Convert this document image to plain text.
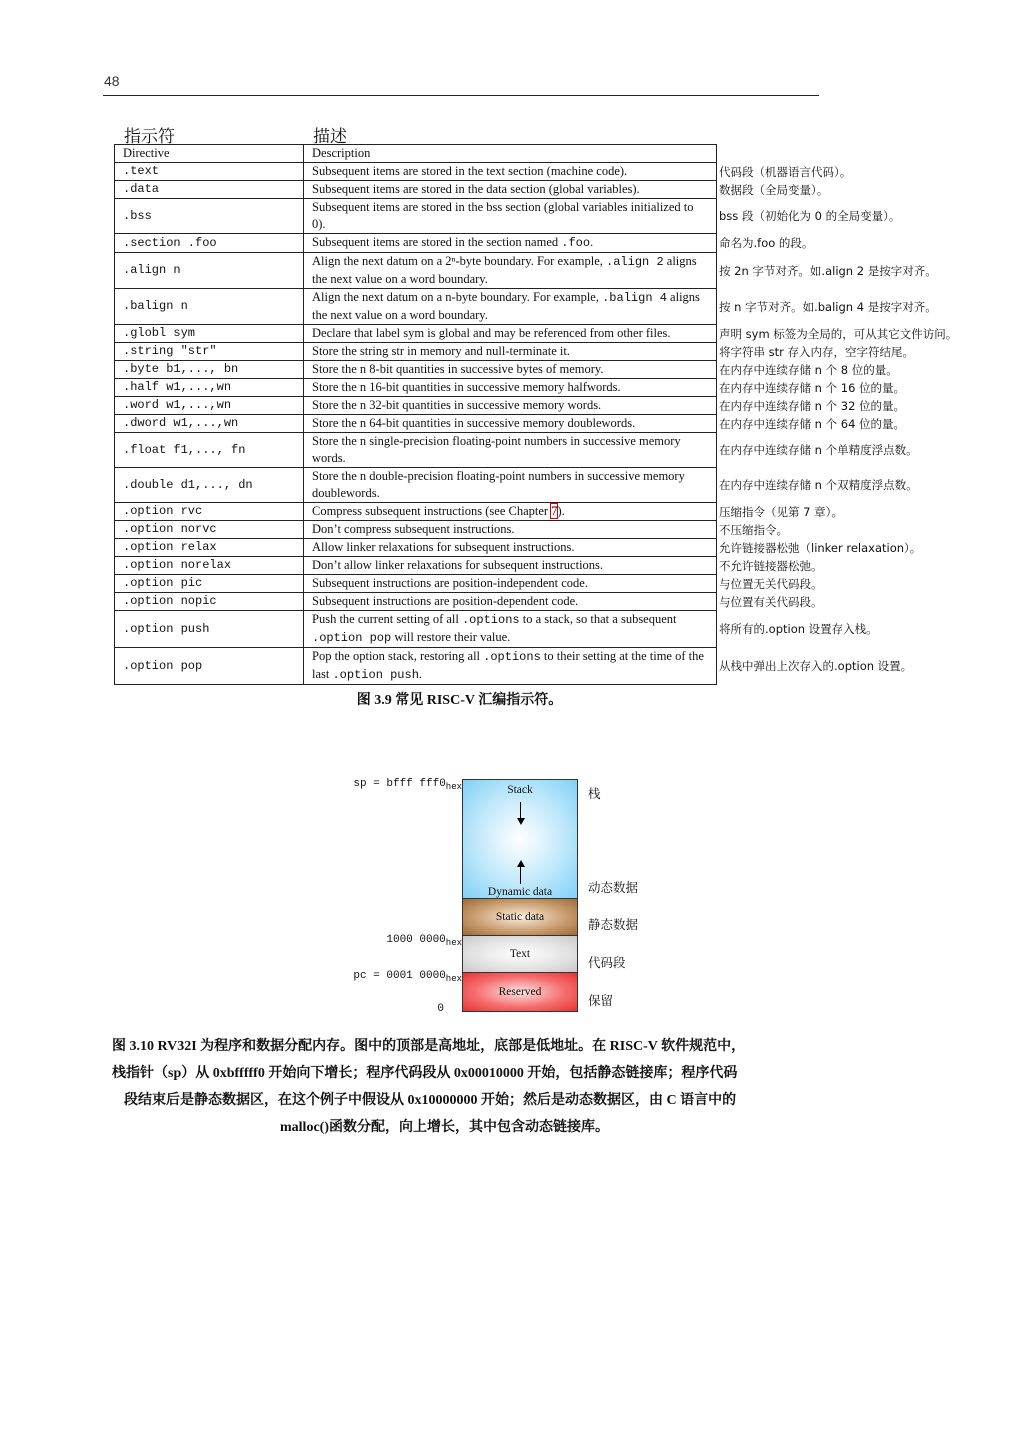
48
指示符	描述
Directive	Description	
.text	Subsequent items are stored in the text section (machine code).	代码段（机器语言代码）。
.data	Subsequent items are stored in the data section (global variables).	数据段（全局变量）。
.bss	Subsequent items are stored in the bss section (global variables initialized to 0).	bss 段（初始化为 0 的全局变量）。
.section .foo	Subsequent items are stored in the section named .foo.	命名为.foo 的段。
.align n	Align the next datum on a 2ⁿ-byte boundary. For example, .align 2 aligns the next value on a word boundary.	按 2n 字节对齐。如.align 2 是按字对齐。
.balign n	Align the next datum on a n-byte boundary. For example, .balign 4 aligns the next value on a word boundary.	按 n 字节对齐。如.balign 4 是按字对齐。
.globl sym	Declare that label sym is global and may be referenced from other files.	声明 sym 标签为全局的，可从其它文件访问。
.string "str"	Store the string str in memory and null-terminate it.	将字符串 str 存入内存，空字符结尾。
.byte b1,..., bn	Store the n 8-bit quantities in successive bytes of memory.	在内存中连续存储 n 个 8 位的量。
.half w1,...,wn	Store the n 16-bit quantities in successive memory halfwords.	在内存中连续存储 n 个 16 位的量。
.word w1,...,wn	Store the n 32-bit quantities in successive memory words.	在内存中连续存储 n 个 32 位的量。
.dword w1,...,wn	Store the n 64-bit quantities in successive memory doublewords.	在内存中连续存储 n 个 64 位的量。
.float f1,..., fn	Store the n single-precision floating-point numbers in successive memory words.	在内存中连续存储 n 个单精度浮点数。
.double d1,..., dn	Store the n double-precision floating-point numbers in successive memory doublewords.	在内存中连续存储 n 个双精度浮点数。
.option rvc	Compress subsequent instructions (see Chapter 7).	压缩指令（见第 7 章）。
.option norvc	Don’t compress subsequent instructions.	不压缩指令。
.option relax	Allow linker relaxations for subsequent instructions.	允许链接器松弛（linker relaxation）。
.option norelax	Don’t allow linker relaxations for subsequent instructions.	不允许链接器松弛。
.option pic	Subsequent instructions are position-independent code.	与位置无关代码段。
.option nopic	Subsequent instructions are position-dependent code.	与位置有关代码段。
.option push	Push the current setting of all .options to a stack, so that a subsequent .option pop will restore their value.	将所有的.option 设置存入栈。
.option pop	Pop the option stack, restoring all .options to their setting at the time of the last .option push.	从栈中弹出上次存入的.option 设置。
图 3.9 常见 RISC-V 汇编指示符。
sp = bfff $fff0_{hex}$
1000 $0000_{hex}$
pc = 0001 $0000_{hex}$
0
Stack
Dynamic data
Static data
Text
Reserved
栈
动态数据
静态数据
代码段
保留
图 3.10 RV32I 为程序和数据分配内存。图中的顶部是高地址，底部是低地址。在 RISC-V 软件规范中，
栈指针（sp）从 0xbfffff0 开始向下增长；程序代码段从 0x00010000 开始，包括静态链接库；程序代码
段结束后是静态数据区，在这个例子中假设从 0x10000000 开始；然后是动态数据区，由 C 语言中的
malloc()函数分配，向上增长，其中包含动态链接库。
